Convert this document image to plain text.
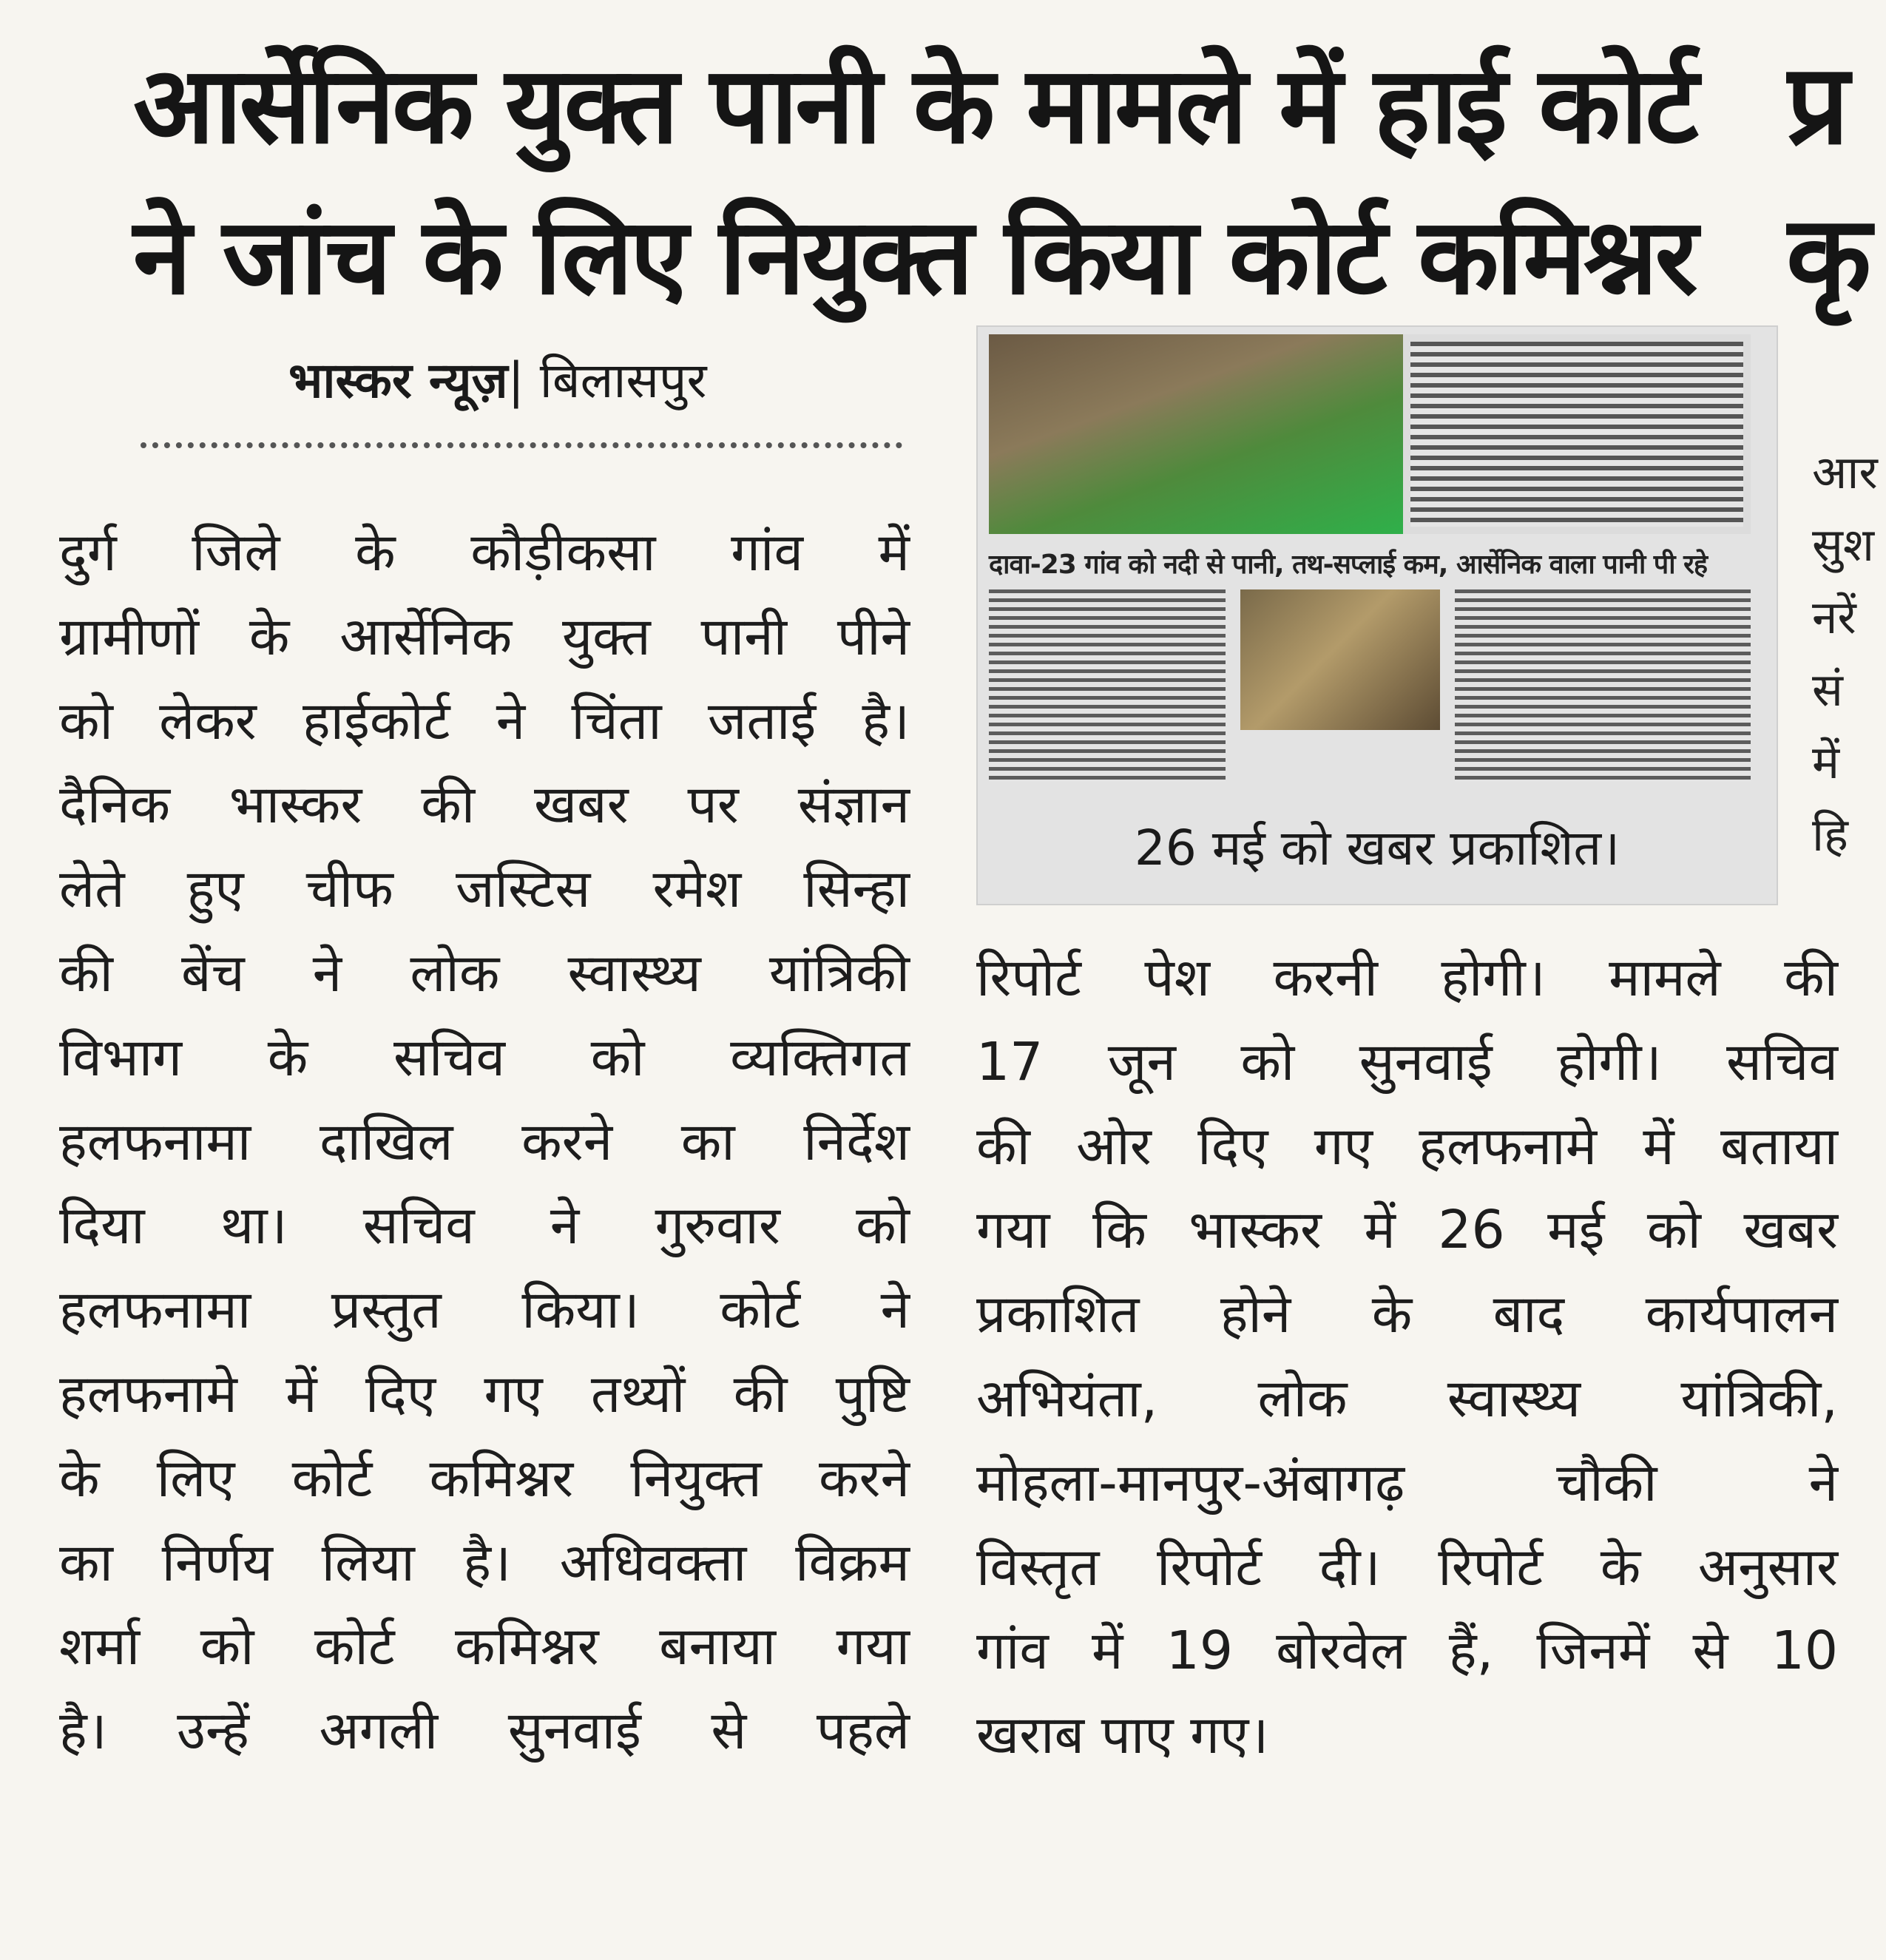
आर्सेनिक युक्त पानी के मामले में हाई कोर्ट
ने जांच के लिए नियुक्त किया कोर्ट कमिश्नर
प्र
कृ
आर
सुश
नरें
सं
में
हि
भास्कर न्यूज़| बिलासपुर
दुर्ग जिले के कौड़ीकसा गांव में
ग्रामीणों के आर्सेनिक युक्त पानी पीने
को लेकर हाईकोर्ट ने चिंता जताई है।
दैनिक भास्कर की खबर पर संज्ञान
लेते हुए चीफ जस्टिस रमेश सिन्हा
की बेंच ने लोक स्वास्थ्य यांत्रिकी
विभाग के सचिव को व्यक्तिगत
हलफनामा दाखिल करने का निर्देश
दिया था। सचिव ने गुरुवार को
हलफनामा प्रस्तुत किया। कोर्ट ने
हलफनामे में दिए गए तथ्यों की पुष्टि
के लिए कोर्ट कमिश्नर नियुक्त करने
का निर्णय लिया है। अधिवक्ता विक्रम
शर्मा को कोर्ट कमिश्नर बनाया गया
है। उन्हें अगली सुनवाई से पहले
दावा-23 गांव को नदी से पानी, तथ-सप्लाई कम, आर्सेनिक वाला पानी पी रहे
26 मई को खबर प्रकाशित।
रिपोर्ट पेश करनी होगी। मामले की
17 जून को सुनवाई होगी। सचिव
की ओर दिए गए हलफनामे में बताया
गया कि भास्कर में 26 मई को खबर
प्रकाशित होने के बाद कार्यपालन
अभियंता, लोक स्वास्थ्य यांत्रिकी,
मोहला-मानपुर-अंबागढ़ चौकी ने
विस्तृत रिपोर्ट दी। रिपोर्ट के अनुसार
गांव में 19 बोरवेल हैं, जिनमें से 10
खराब पाए गए।
